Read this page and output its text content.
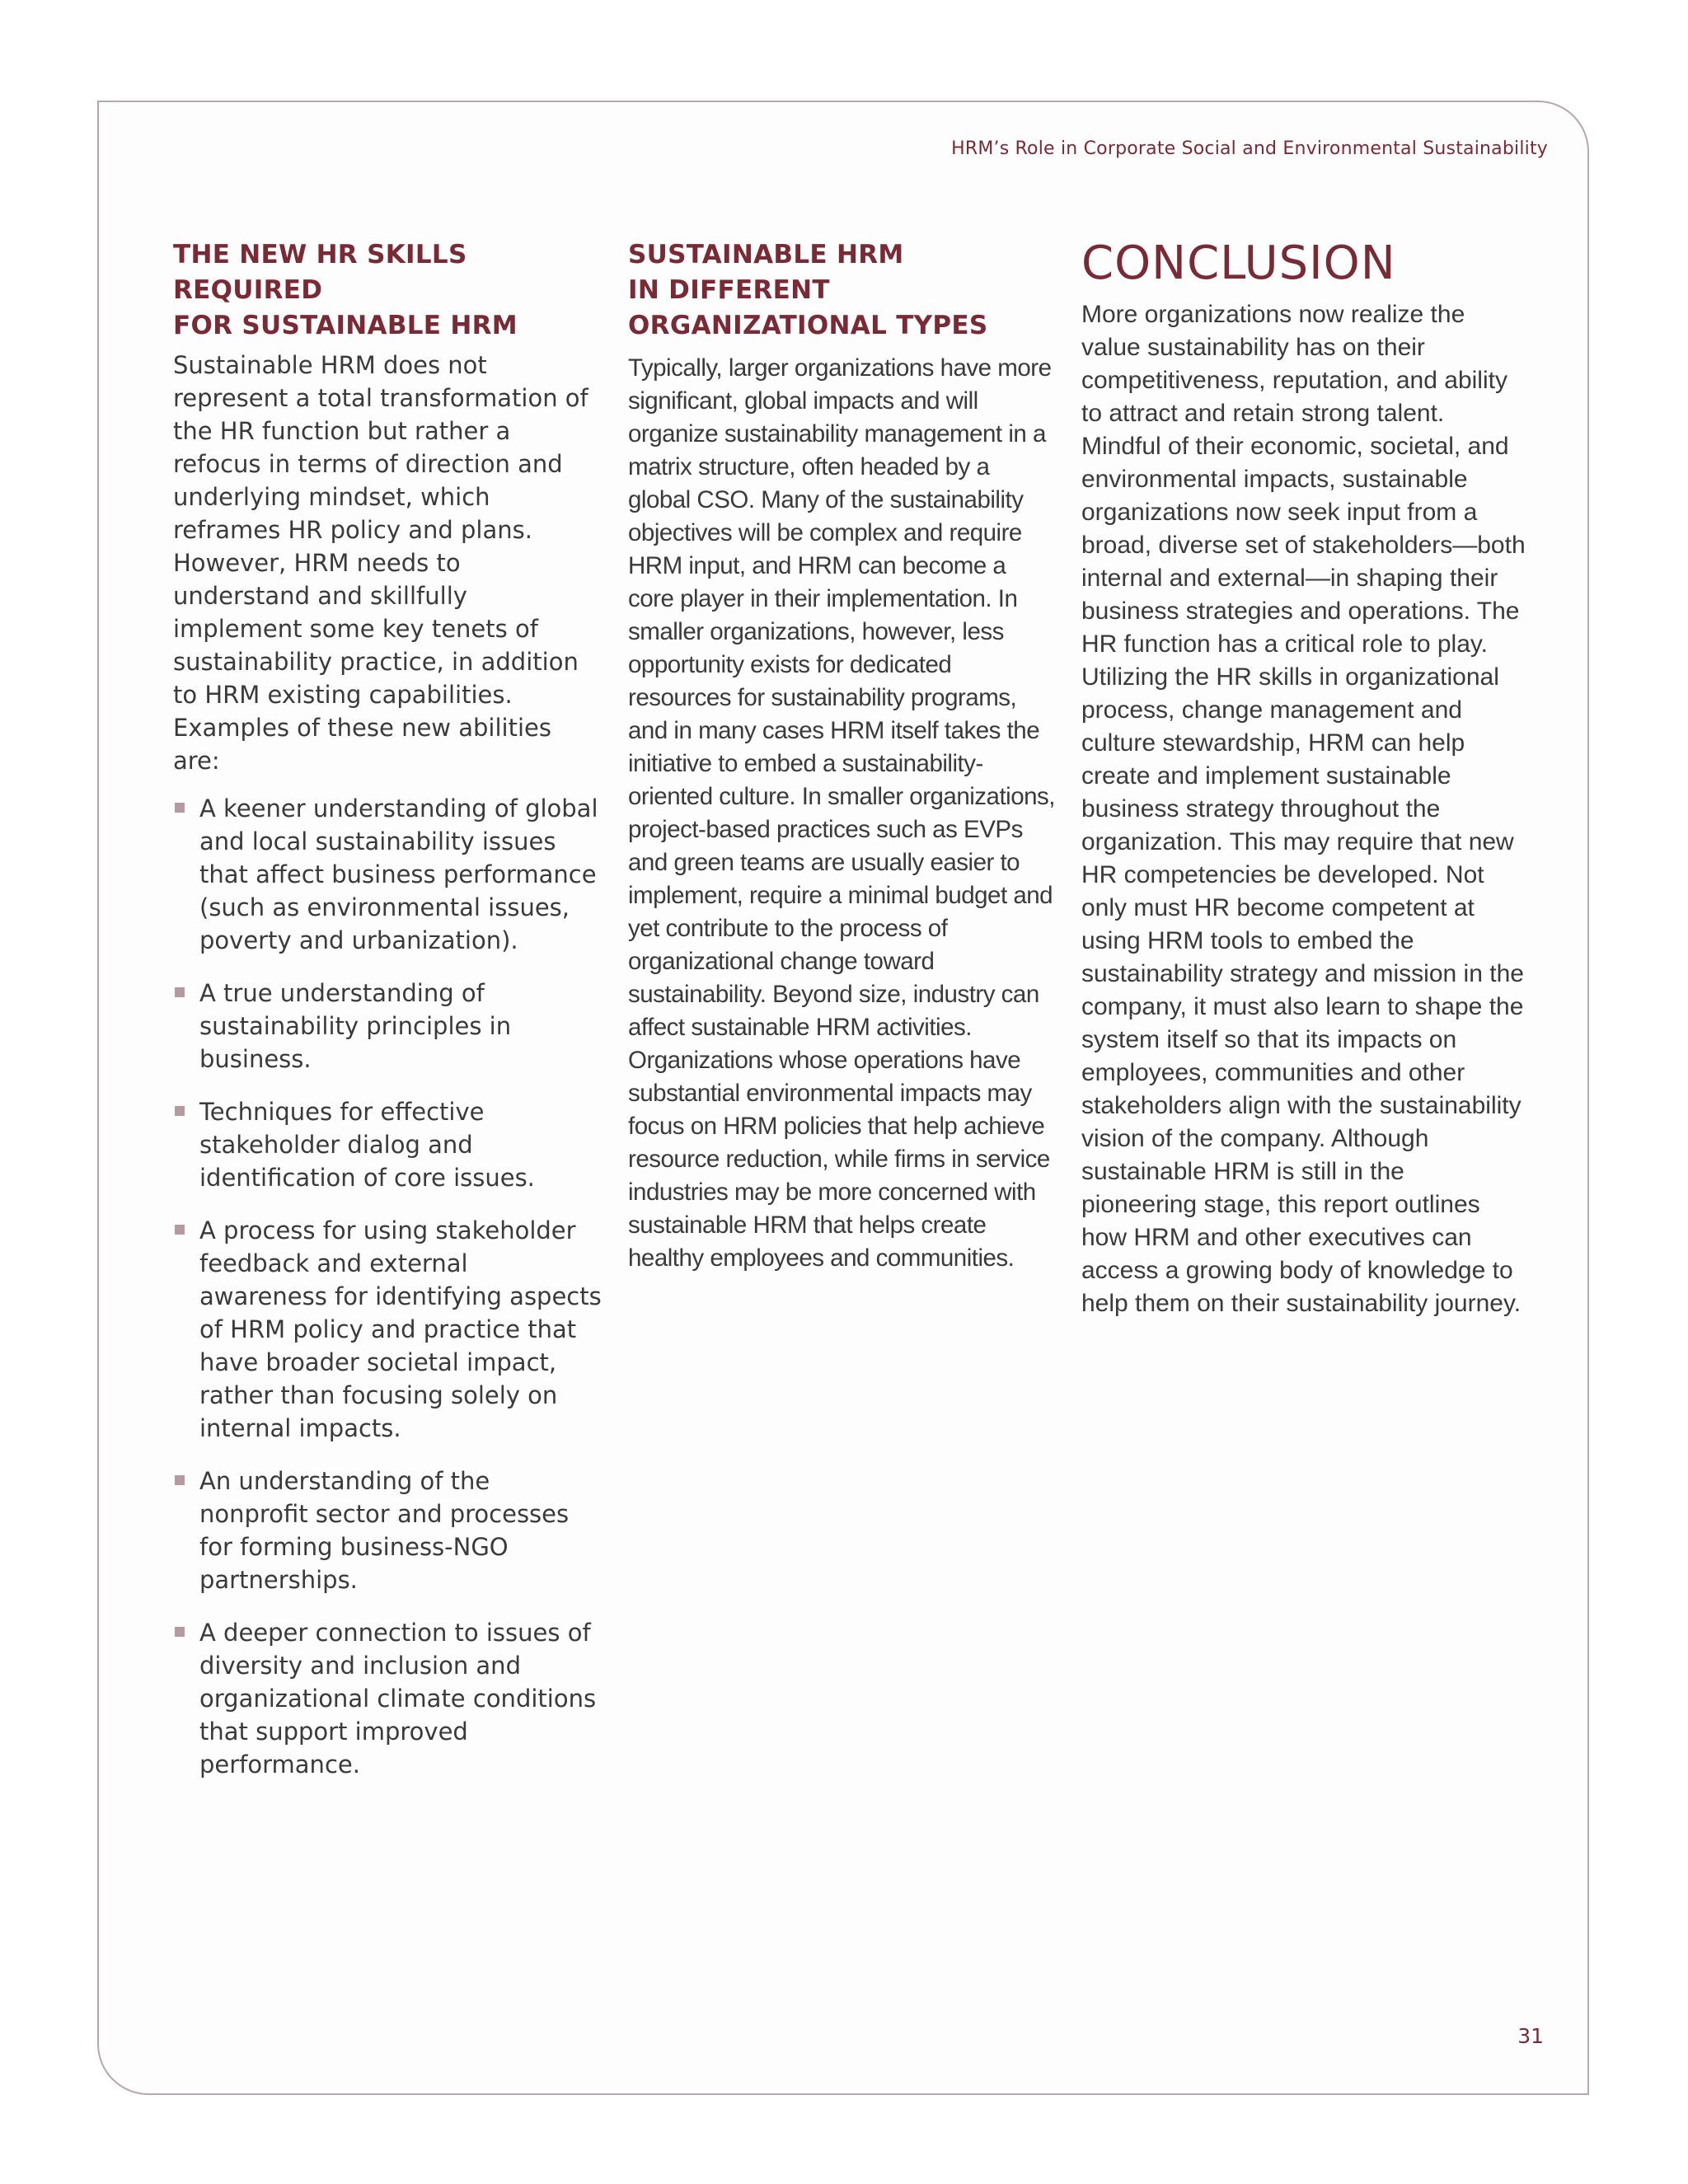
HRM’s Role in Corporate Social and Environmental Sustainability
THE NEW HR SKILLS REQUIRED
FOR SUSTAINABLE HRM

Sustainable HRM does not represent a total transformation of the HR function but rather a refocus in terms of direction and underlying mindset, which reframes HR policy and plans. However, HRM needs to understand and skillfully implement some key tenets of sustainability practice, in addition to HRM existing capabilities. Examples of these new abilities are:

A keener understanding of global and local sustainability issues that affect business performance (such as environmental issues, poverty and urbanization).
A true understanding of sustainability principles in business.
Techniques for effective stakeholder dialog and identification of core issues.
A process for using stakeholder feedback and external awareness for identifying aspects of HRM policy and practice that have broader societal impact, rather than focusing solely on internal impacts.
An understanding of the nonprofit sector and processes for forming business-NGO partnerships.
A deeper connection to issues of diversity and inclusion and organizational climate conditions that support improved performance.
SUSTAINABLE HRM
IN DIFFERENT
ORGANIZATIONAL TYPES

Typically, larger organizations have more significant, global impacts and will organize sustainability management in a matrix structure, often headed by a global CSO. Many of the sustainability objectives will be complex and require HRM input, and HRM can become a core player in their implementation. In smaller organizations, however, less opportunity exists for dedicated resources for sustainability programs, and in many cases HRM itself takes the initiative to embed a sustainability-oriented culture. In smaller organizations, project-based practices such as EVPs and green teams are usually easier to implement, require a minimal budget and yet contribute to the process of organizational change toward sustainability. Beyond size, industry can affect sustainable HRM activities. Organizations whose operations have substantial environmental impacts may focus on HRM policies that help achieve resource reduction, while firms in service industries may be more concerned with sustainable HRM that helps create healthy employees and communities.

CONCLUSION

More organizations now realize the value sustainability has on their competitiveness, reputation, and ability to attract and retain strong talent. Mindful of their economic, societal, and environmental impacts, sustainable organizations now seek input from a broad, diverse set of stakeholders—both internal and external—in shaping their business strategies and operations. The HR function has a critical role to play. Utilizing the HR skills in organizational process, change management and culture stewardship, HRM can help create and implement sustainable business strategy throughout the organization. This may require that new HR competencies be developed. Not only must HR become competent at using HRM tools to embed the sustainability strategy and mission in the company, it must also learn to shape the system itself so that its impacts on employees, communities and other stakeholders align with the sustainability vision of the company. Although sustainable HRM is still in the pioneering stage, this report outlines how HRM and other executives can access a growing body of knowledge to help them on their sustainability journey.

31
